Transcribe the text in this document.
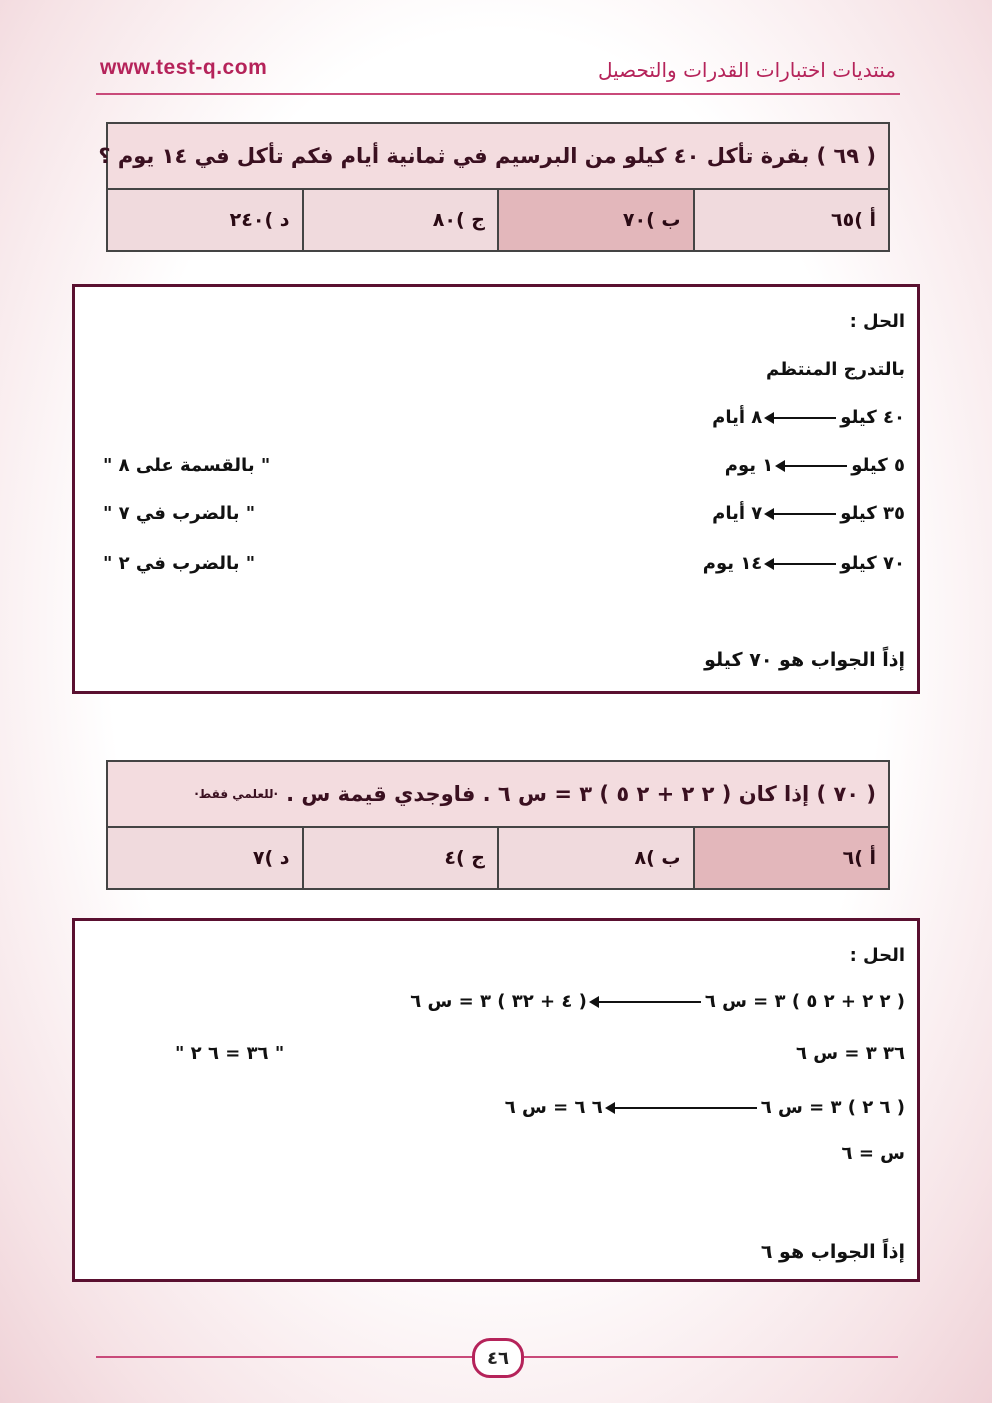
www.test-q.com	منتديات اختبارات القدرات والتحصيل
( ٦٩ ) بقرة تأكل ٤٠ كيلو من البرسيم في ثمانية أيام فكم تأكل في ١٤ يوم ؟
أ )٦٥
ب )٧٠
ج )٨٠
د )٢٤٠
الحل :
بالتدرج المنتظم
٤٠ كيلو٨ أيام
٥ كيلو١ يوم
" بالقسمة على ٨ "
٣٥ كيلو٧ أيام
" بالضرب في ٧ "
٧٠ كيلو١٤ يوم
" بالضرب في ٢ "
إذاً الجواب هو ٧٠ كيلو
( ٧٠ ) إذا كان ( ٢ ٢ + ٢ ٥ ) ٣ = س ٦ . فاوجدي قيمة س .
·للعلمي فقط·
أ )٦
ب )٨
ج )٤
د )٧
الحل :
( ٢ ٢ + ٢ ٥ ) ٣ = س ٦( ٤ + ٣٢ ) ٣ = س ٦
٣٦ ٣ = س ٦
" ٣٦ = ٦ ٢ "
( ٦ ٢ ) ٣ = س ٦٦ ٦ = س ٦
س = ٦
إذاً الجواب هو ٦
٤٦
